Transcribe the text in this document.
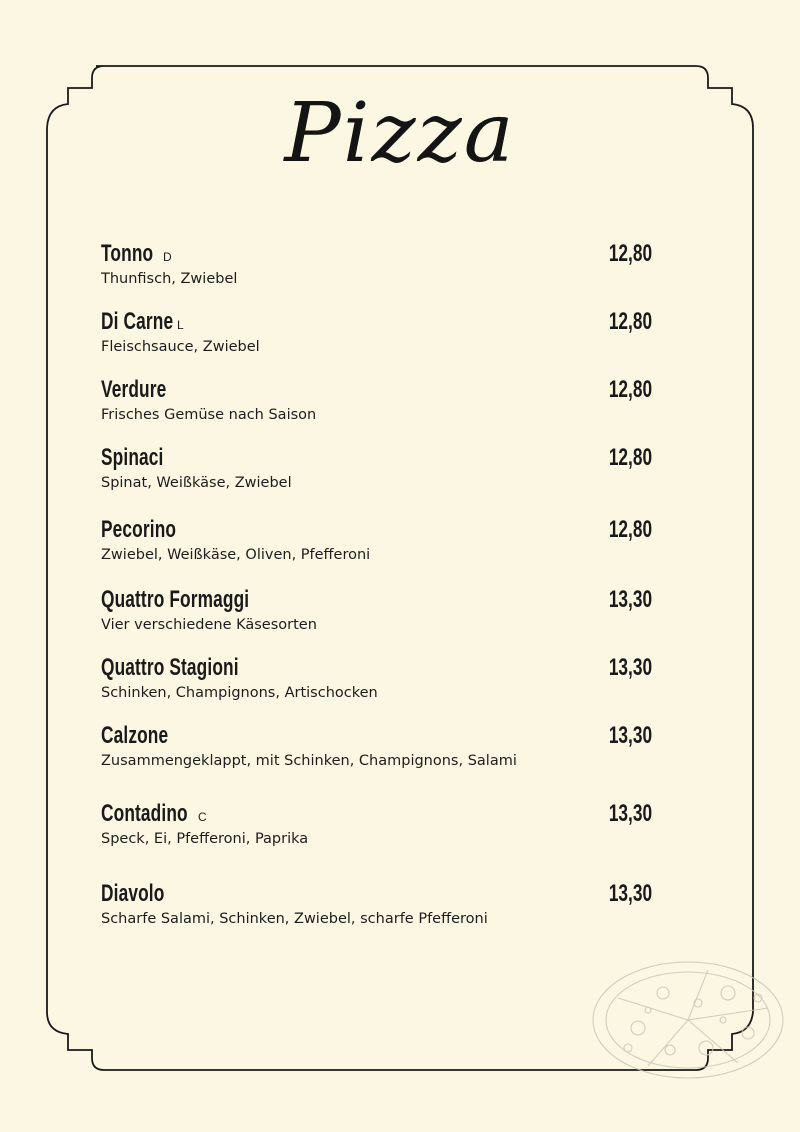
Pizza
Tonno D	12,80
Thunfisch, Zwiebel
Di Carne L	12,80
Fleischsauce, Zwiebel
Verdure	12,80
Frisches Gemüse nach Saison
Spinaci	12,80
Spinat, Weißkäse, Zwiebel
Pecorino	12,80
Zwiebel, Weißkäse, Oliven, Pfefferoni
Quattro Formaggi	13,30
Vier verschiedene Käsesorten
Quattro Stagioni	13,30
Schinken, Champignons, Artischocken
Calzone	13,30
Zusammengeklappt, mit Schinken, Champignons, Salami
Contadino C	13,30
Speck, Ei, Pfefferoni, Paprika
Diavolo	13,30
Scharfe Salami, Schinken, Zwiebel, scharfe Pfefferoni
